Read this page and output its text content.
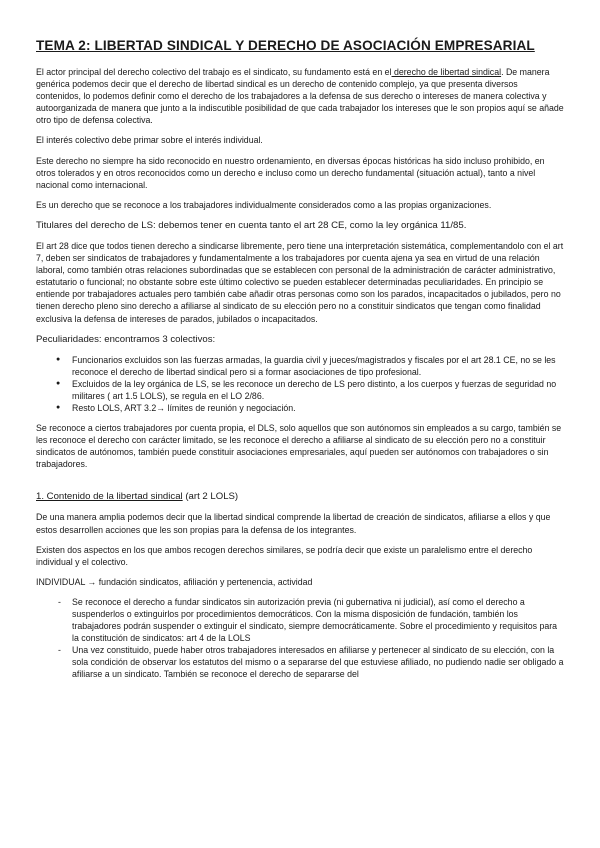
TEMA 2: LIBERTAD SINDICAL Y DERECHO DE ASOCIACIÓN EMPRESARIAL

El actor principal del derecho colectivo del trabajo es el sindicato, su fundamento está en el derecho de libertad sindical. De manera genérica podemos decir que el derecho de libertad sindical es un derecho de contenido complejo, ya que presenta diversos contenidos, lo podemos definir como el derecho de los trabajadores a la defensa de sus derecho o intereses de manera colectiva y autoorganizada de manera que junto a la indiscutible posibilidad de que cada trabajador los intereses que le son propios aquí se añade otro tipo de defensa colectiva.

El interés colectivo debe primar sobre el interés individual.

Este derecho no siempre ha sido reconocido en nuestro ordenamiento, en diversas épocas históricas ha sido incluso prohibido, en otros tolerados y en otros reconocidos como un derecho e incluso como un derecho fundamental (situación actual), tanto a nivel nacional como internacional.

Es un derecho que se reconoce a los trabajadores individualmente considerados como a las propias organizaciones.

Titulares del derecho de LS: debemos tener en cuenta tanto el art 28 CE, como la ley orgánica 11/85.

El art 28 dice que todos tienen derecho a sindicarse libremente, pero tiene una interpretación sistemática, complementandolo con el art 7, deben ser sindicatos de trabajadores y fundamentalmente a los trabajadores por cuenta ajena ya sea en virtud de una relación laboral, como también otras relaciones subordinadas que se establecen con personal de la administración de carácter administrativo, estatutario o funcional; no obstante sobre este último colectivo se pueden establecer determinadas peculiaridades. En principio se entiende por trabajadores actuales pero también cabe añadir otras personas como son los parados, incapacitados o jubilados, pero no tienen derecho pleno sino derecho a afiliarse al sindicato de su elección pero no a constituir sindicatos que tengan como finalidad exclusiva la defensa de intereses de parados, jubilados o incapacitados.

Peculiaridades: encontramos 3 colectivos:

● Funcionarios excluidos son las fuerzas armadas, la guardia civil y jueces/magistrados y fiscales por el art 28.1 CE, no se les reconoce el derecho de libertad sindical pero si a formar asociaciones de tipo profesional.
● Excluidos de la ley orgánica de LS, se les reconoce un derecho de LS pero distinto, a los cuerpos y fuerzas de seguridad no militares ( art 1.5 LOLS), se regula en el LO 2/86.
● Resto LOLS, ART 3.2→ límites de reunión y negociación.

Se reconoce a ciertos trabajadores por cuenta propia, el DLS, solo aquellos que son autónomos sin empleados a su cargo, también se les reconoce el derecho con carácter limitado, se les reconoce el derecho a afiliarse al sindicato de su elección pero no a constituir sindicatos de autónomos, también puede constituir asociaciones empresariales, aquí pueden ser autónomos con trabajadores o sin trabajadores.

1. Contenido de la libertad sindical (art 2 LOLS)

De una manera amplia podemos decir que la libertad sindical comprende la libertad de creación de sindicatos, afiliarse a ellos y que estos desarrollen acciones que les son propias para la defensa de los integrantes.

Existen dos aspectos en los que ambos recogen derechos similares, se podría decir que existe un paralelismo entre el derecho individual y el colectivo.

INDIVIDUAL → fundación sindicatos, afiliación y pertenencia, actividad

- Se reconoce el derecho a fundar sindicatos sin autorización previa (ni gubernativa ni judicial), así como el derecho a suspenderlos o extinguirlos por procedimientos democráticos. Con la misma disposición de fundación, también los trabajadores podrán suspender o extinguir el sindicato, siempre democráticamente. Sobre el procedimiento y requisitos para la constitución de sindicatos: art 4 de la LOLS
- Una vez constituido, puede haber otros trabajadores interesados en afiliarse y pertenecer al sindicato de su elección, con la sola condición de observar los estatutos del mismo o a separarse del que estuviese afiliado, no pudiendo nadie ser obligado a afiliarse a un sindicato. También se reconoce el derecho de separarse del
